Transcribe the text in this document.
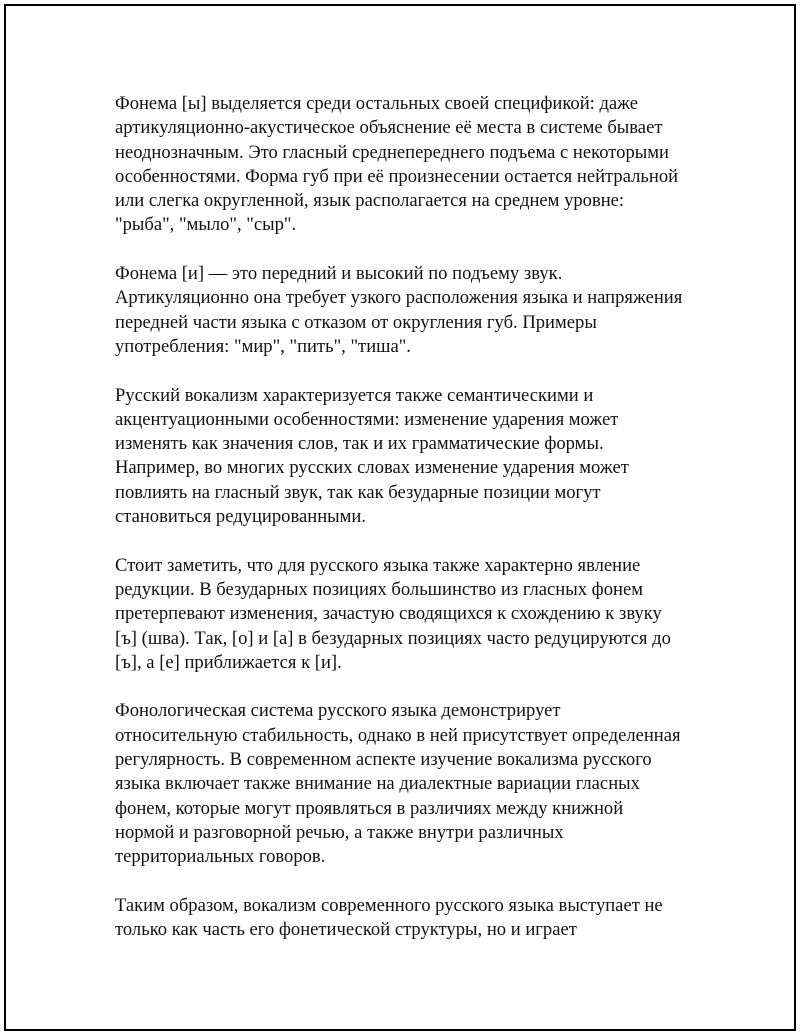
Фонема [ы] выделяется среди остальных своей спецификой: даже
артикуляционно-акустическое объяснение её места в системе бывает
неоднозначным. Это гласный среднепереднего подъема с некоторыми
особенностями. Форма губ при её произнесении остается нейтральной
или слегка округленной, язык располагается на среднем уровне:
"рыба", "мыло", "сыр".

Фонема [и] — это передний и высокий по подъему звук.
Артикуляционно она требует узкого расположения языка и напряжения
передней части языка с отказом от округления губ. Примеры
употребления: "мир", "пить", "тиша".

Русский вокализм характеризуется также семантическими и
акцентуационными особенностями: изменение ударения может
изменять как значения слов, так и их грамматические формы.
Например, во многих русских словах изменение ударения может
повлиять на гласный звук, так как безударные позиции могут
становиться редуцированными.

Стоит заметить, что для русского языка также характерно явление
редукции. В безударных позициях большинство из гласных фонем
претерпевают изменения, зачастую сводящихся к схождению к звуку
[ъ] (шва). Так, [о] и [а] в безударных позициях часто редуцируются до
[ъ], а [е] приближается к [и].

Фонологическая система русского языка демонстрирует
относительную стабильность, однако в ней присутствует определенная
регулярность. В современном аспекте изучение вокализма русского
языка включает также внимание на диалектные вариации гласных
фонем, которые могут проявляться в различиях между книжной
нормой и разговорной речью, а также внутри различных
территориальных говоров.

Таким образом, вокализм современного русского языка выступает не
только как часть его фонетической структуры, но и играет
